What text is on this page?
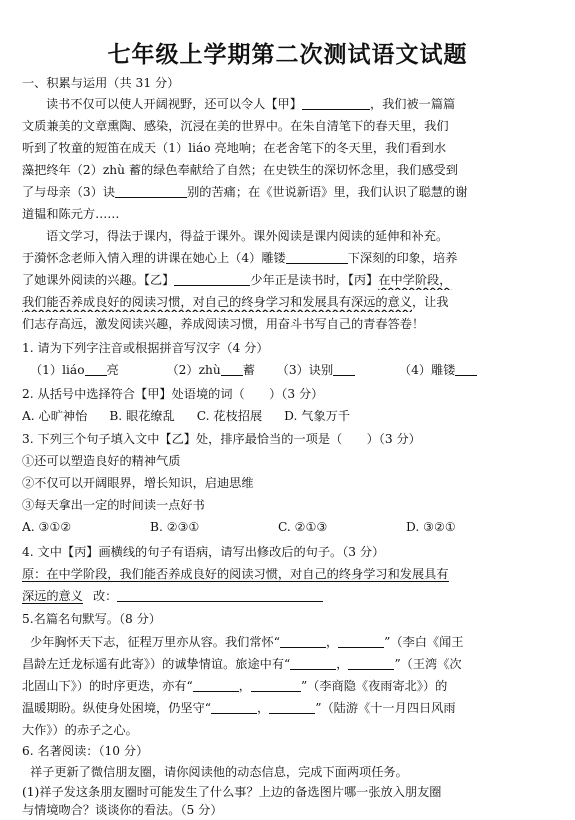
七年级上学期第二次测试语文试题
一、积累与运用（共 31 分）
读书不仅可以使人开阔视野，还可以令人【甲】	，我们被一篇篇
文质兼美的文章熏陶、感染，沉浸在美的世界中。在朱自清笔下的春天里，我们
听到了牧童的短笛在成天（1）liáo 亮地响；在老舍笔下的冬天里，我们看到水
藻把终年（2）zhù 蓄的绿色奉献给了自然；在史铁生的深切怀念里，我们感受到
了与母亲（3）诀	别的苦痛；在《世说新语》里，我们认识了聪慧的谢
道韫和陈元方……
语文学习，得法于课内，得益于课外。课外阅读是课内阅读的延伸和补充。
于漪怀念老师入情入理的讲课在她心上（4）雕镂	下深刻的印象，培养
了她课外阅读的兴趣。【乙】	少年正是读书时，【丙】在中学阶段，
我们能否养成良好的阅读习惯，对自己的终身学习和发展具有深远的意义，让我
们志存高远，激发阅读兴趣，养成阅读习惯，用奋斗书写自己的青春答卷！
1. 请为下列字注音或根据拼音写汉字（4 分）
（1）liáo 亮	（2）zhù 蓄 （3）诀别	（4）雕镂
2. 从括号中选择符合【甲】处语境的词（　　）（3 分）
A. 心旷神怡 B. 眼花缭乱 C. 花枝招展 D. 气象万千
3. 下列三个句子填入文中【乙】处，排序最恰当的一项是（　　）（3 分）
①还可以塑造良好的精神气质
②不仅可以开阔眼界，增长知识，启迪思维
③每天拿出一定的时间读一点好书
A. ③①②	B. ②③①	C. ②①③	D. ③②①
4. 文中【丙】画横线的句子有语病，请写出修改后的句子。（3 分）
原：在中学阶段，我们能否养成良好的阅读习惯，对自己的终身学习和发展具有
深远的意义 改：
5.名篇名句默写。（8 分）
少年胸怀天下志，征程万里亦从容。我们常怀“	，	”（李白《闻王
昌龄左迁龙标遥有此寄》）的诚挚情谊。旅途中有“	，	”（王湾《次
北固山下》）的时序更迭，亦有“	，	”（李商隐《夜雨寄北》）的
温暖期盼。纵使身处困境，仍坚守“	，	”（陆游《十一月四日风雨
大作》）的赤子之心。
6. 名著阅读：（10 分）
祥子更新了微信朋友圈，请你阅读他的动态信息，完成下面两项任务。
(1)祥子发这条朋友圈时可能发生了什么事？上边的备选图片哪一张放入朋友圈
与情境吻合？谈谈你的看法。（5 分）
